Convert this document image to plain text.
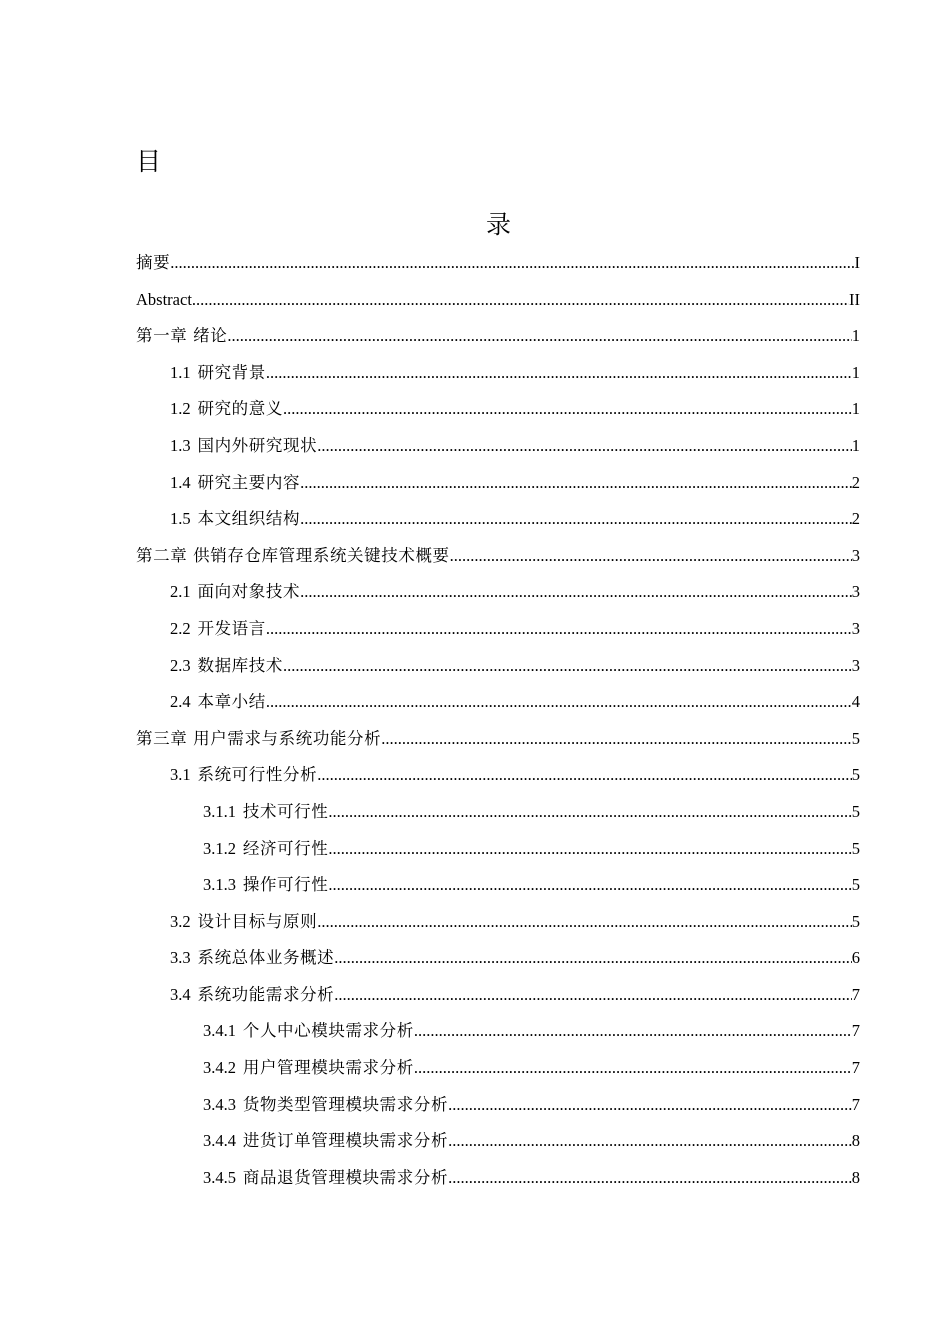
目
录
摘要 .....	I
Abstract .....	II
第一章 绪论 .....	1
1.1 研究背景 .....	1
1.2 研究的意义 .....	1
1.3 国内外研究现状 .....	1
1.4 研究主要内容 .....	2
1.5 本文组织结构 .....	2
第二章 供销存仓库管理系统关键技术概要 .....	3
2.1 面向对象技术 .....	3
2.2 开发语言 .....	3
2.3 数据库技术 .....	3
2.4 本章小结 .....	4
第三章 用户需求与系统功能分析 .....	5
3.1 系统可行性分析 .....	5
3.1.1 技术可行性 .....	5
3.1.2 经济可行性 .....	5
3.1.3 操作可行性 .....	5
3.2 设计目标与原则 .....	5
3.3 系统总体业务概述 .....	6
3.4 系统功能需求分析 .....	7
3.4.1 个人中心模块需求分析 .....	7
3.4.2 用户管理模块需求分析 .....	7
3.4.3 货物类型管理模块需求分析 .....	7
3.4.4 进货订单管理模块需求分析 .....	8
3.4.5 商品退货管理模块需求分析 .....	8
